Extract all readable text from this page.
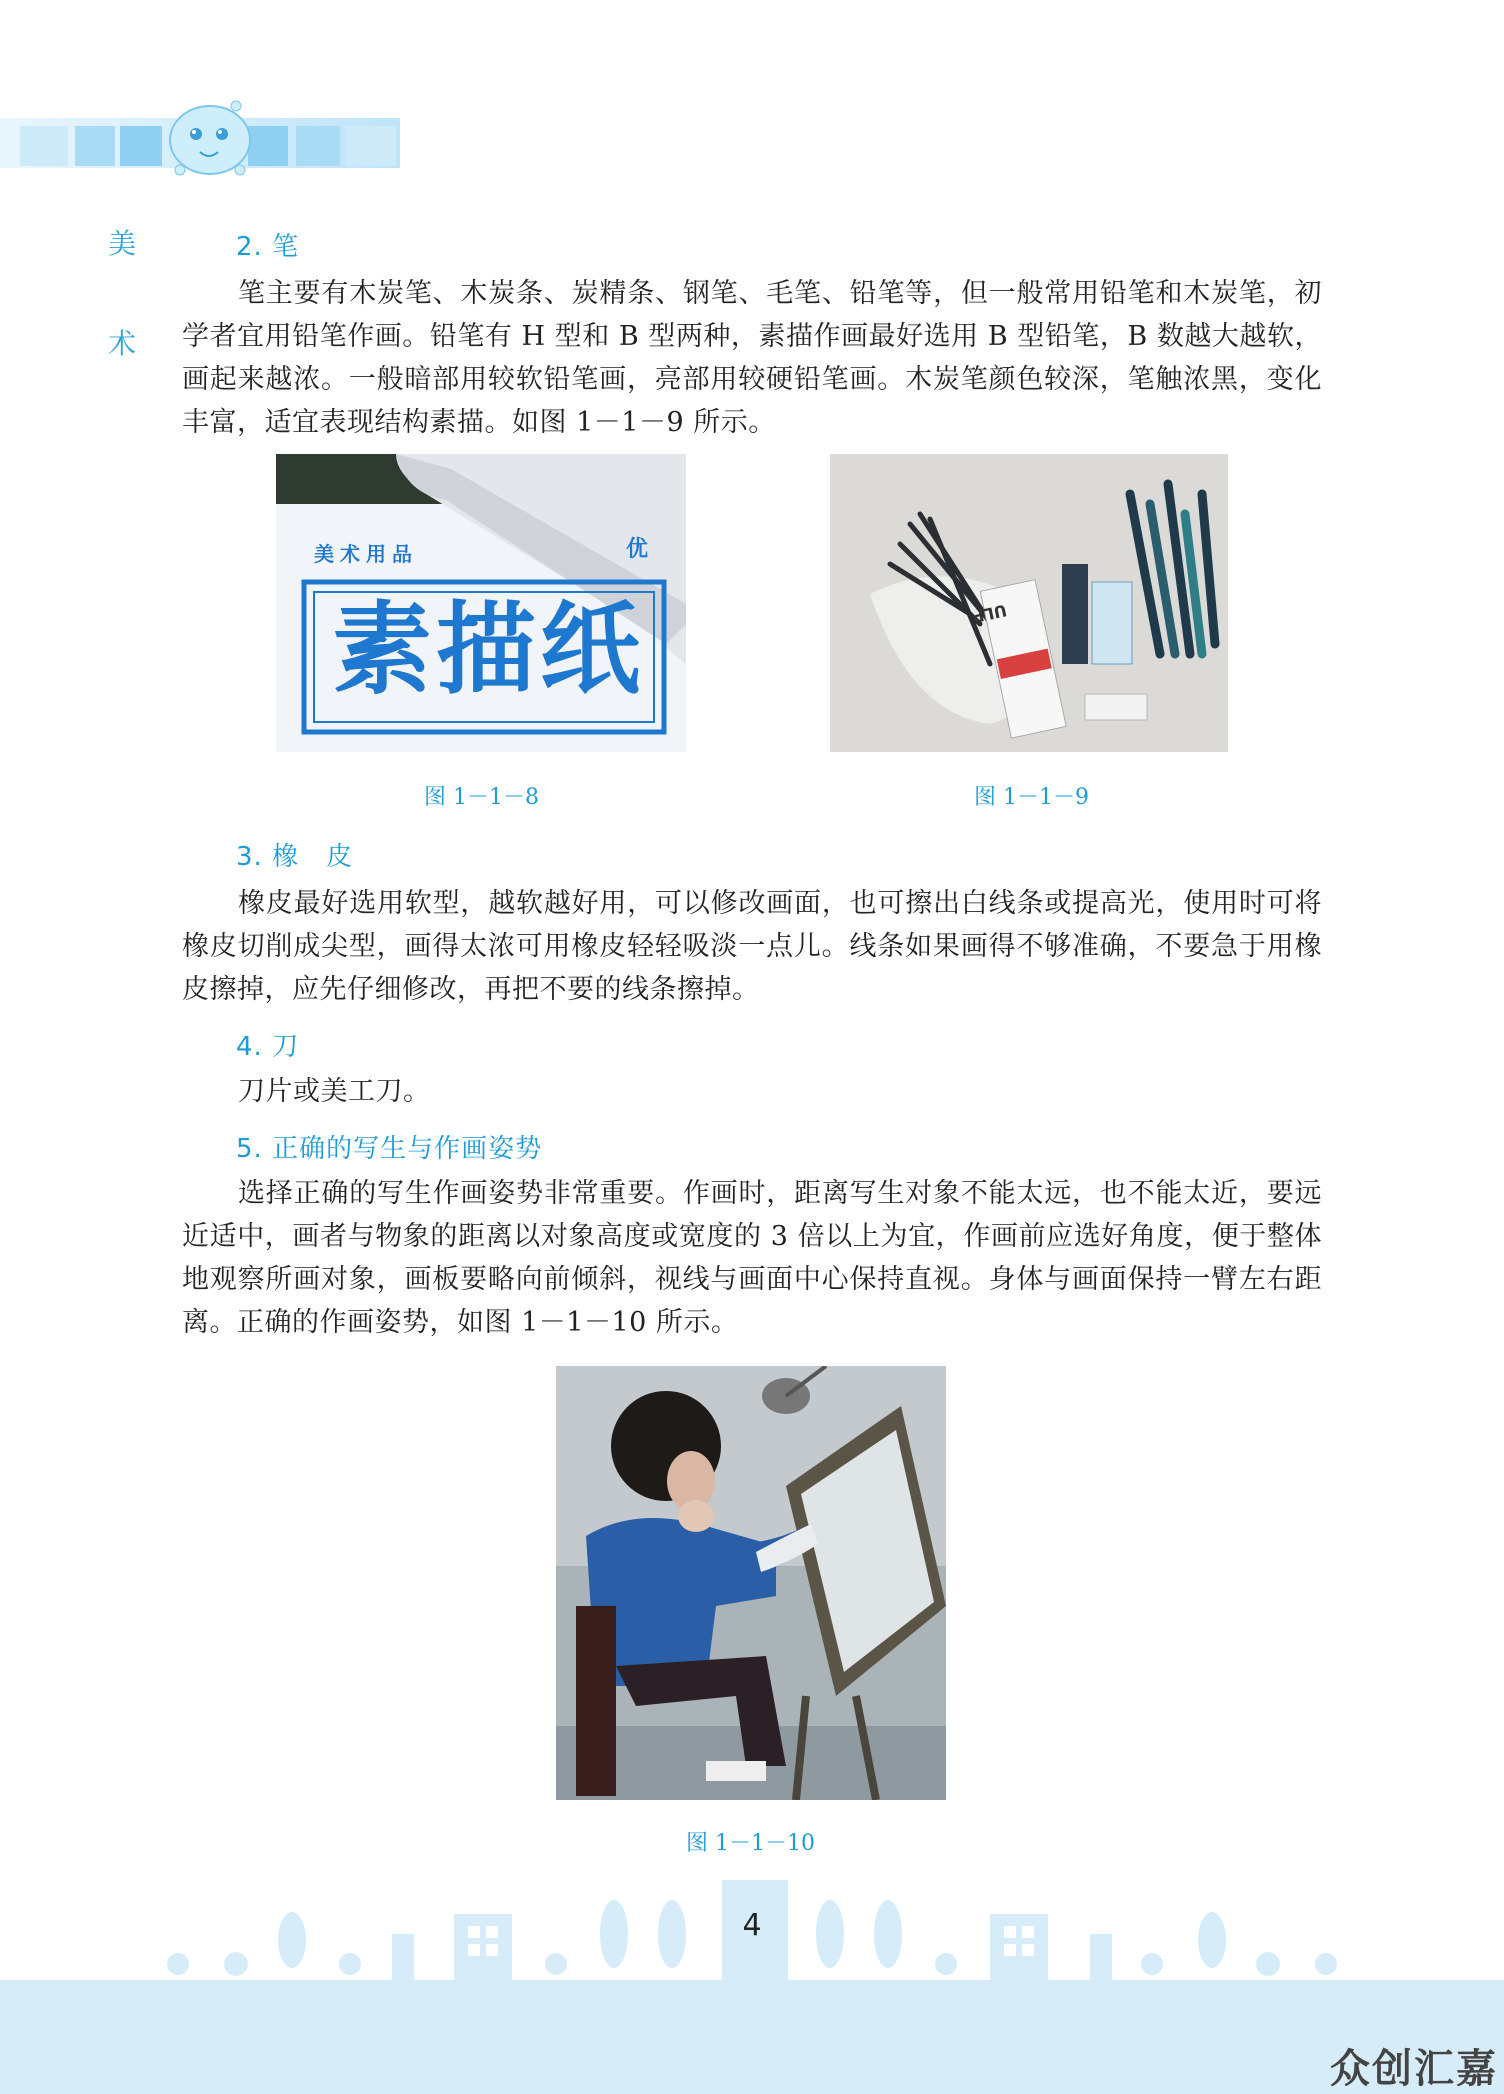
美
术
2. 笔
笔主要有木炭笔、木炭条、炭精条、钢笔、毛笔、铅笔等，但一般常用铅笔和木炭笔，初学者宜用铅笔作画。铅笔有 H 型和 B 型两种，素描作画最好选用 B 型铅笔，B 数越大越软，画起来越浓。一般暗部用较软铅笔画，亮部用较硬铅笔画。木炭笔颜色较深，笔触浓黑，变化丰富，适宜表现结构素描。如图 1－1－9 所示。
美术用品	优
素描纸	ULP
图 1－1－8	图 1－1－9
3. 橡　皮
橡皮最好选用软型，越软越好用，可以修改画面，也可擦出白线条或提高光，使用时可将橡皮切削成尖型，画得太浓可用橡皮轻轻吸淡一点儿。线条如果画得不够准确，不要急于用橡皮擦掉，应先仔细修改，再把不要的线条擦掉。
4. 刀
刀片或美工刀。
5. 正确的写生与作画姿势
选择正确的写生作画姿势非常重要。作画时，距离写生对象不能太远，也不能太近，要远近适中，画者与物象的距离以对象高度或宽度的 3 倍以上为宜，作画前应选好角度，便于整体地观察所画对象，画板要略向前倾斜，视线与画面中心保持直视。身体与画面保持一臂左右距离。正确的作画姿势，如图 1－1－10 所示。
图 1－1－10
4
众创汇嘉
